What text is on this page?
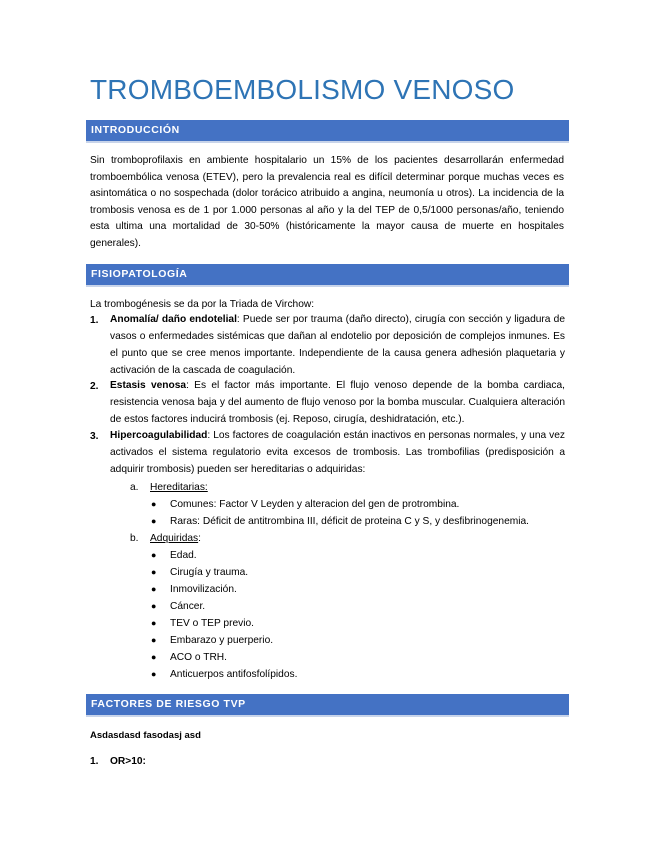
TROMBOEMBOLISMO VENOSO
INTRODUCCIÓN
Sin tromboprofilaxis en ambiente hospitalario un 15% de los pacientes desarrollarán enfermedad tromboembólica venosa (ETEV), pero la prevalencia real es difícil determinar porque muchas veces es asintomática o no sospechada (dolor torácico atribuido a angina, neumonía u otros). La incidencia de la trombosis venosa es de 1 por 1.000 personas al año y la del TEP de 0,5/1000 personas/año, teniendo esta ultima una mortalidad de 30-50% (históricamente la mayor causa de muerte en hospitales generales).
FISIOPATOLOGÍA
La trombogénesis se da por la Triada de Virchow:
1. Anomalía/ daño endotelial: Puede ser por trauma (daño directo), cirugía con sección y ligadura de vasos o enfermedades sistémicas que dañan al endotelio por deposición de complejos inmunes. Es el punto que se cree menos importante. Independiente de la causa genera adhesión plaquetaria y activación de la cascada de coagulación.
2. Estasis venosa: Es el factor más importante. El flujo venoso depende de la bomba cardiaca, resistencia venosa baja y del aumento de flujo venoso por la bomba muscular. Cualquiera alteración de estos factores inducirá trombosis (ej. Reposo, cirugía, deshidratación, etc.).
3. Hipercoagulabilidad: Los factores de coagulación están inactivos en personas normales, y una vez activados el sistema regulatorio evita excesos de trombosis. Las trombofilias (predisposición a adquirir trombosis) pueden ser hereditarias o adquiridas:
a. Hereditarias:
● Comunes: Factor V Leyden y alteracion del gen de protrombina.
● Raras: Déficit de antitrombina III, déficit de proteina C y S, y desfibrinogenemia.
b. Adquiridas:
● Edad.
● Cirugía y trauma.
● Inmovilización.
● Cáncer.
● TEV o TEP previo.
● Embarazo y puerperio.
● ACO o TRH.
● Anticuerpos antifosfolípidos.
FACTORES DE RIESGO TVP
Asdasdasd fasodasj asd
1. OR>10:
